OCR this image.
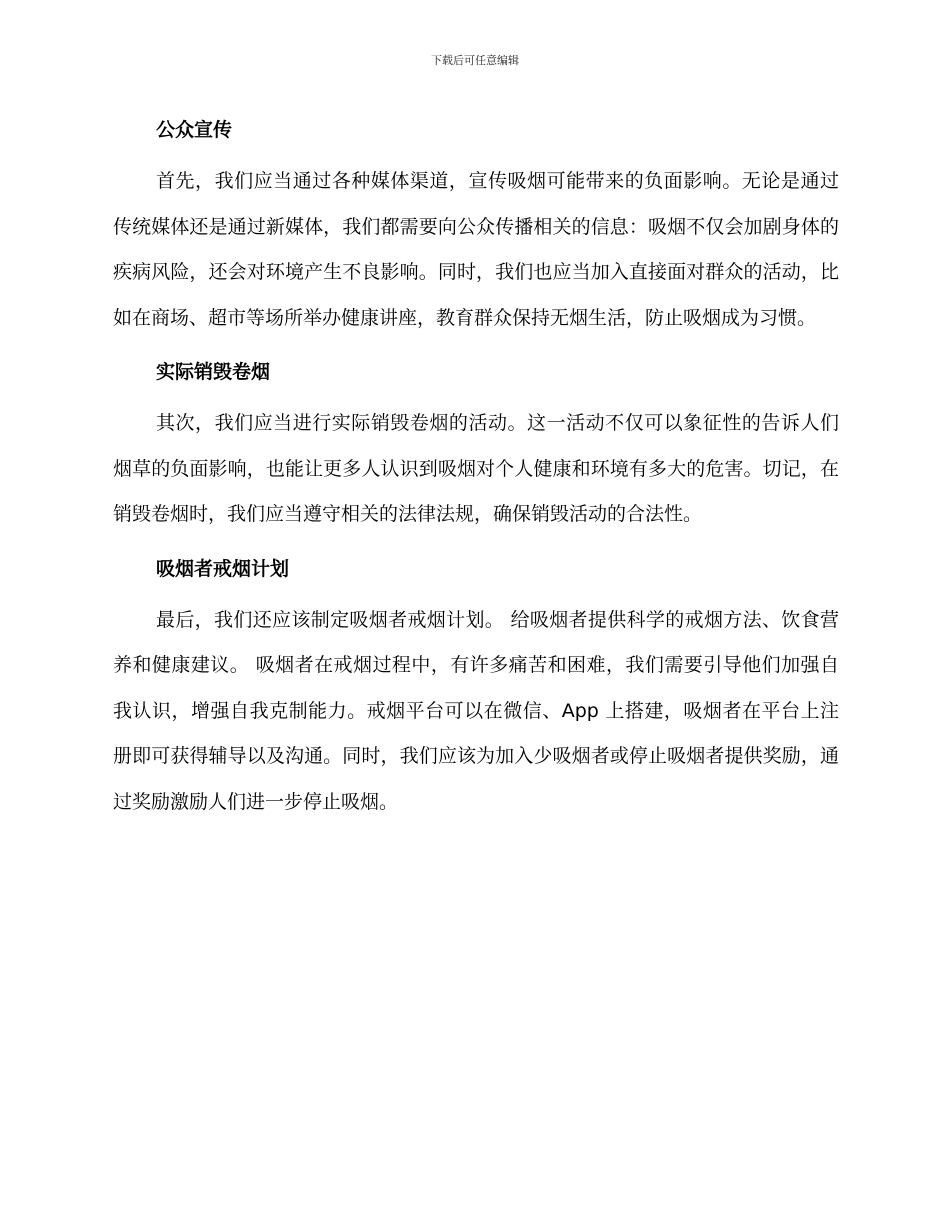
下载后可任意编辑
公众宣传

首先，我们应当通过各种媒体渠道，宣传吸烟可能带来的负面影响。无论是通过传统媒体还是通过新媒体，我们都需要向公众传播相关的信息：吸烟不仅会加剧身体的疾病风险，还会对环境产生不良影响。同时，我们也应当加入直接面对群众的活动，比如在商场、超市等场所举办健康讲座，教育群众保持无烟生活，防止吸烟成为习惯。

实际销毁卷烟

其次，我们应当进行实际销毁卷烟的活动。这一活动不仅可以象征性的告诉人们烟草的负面影响，也能让更多人认识到吸烟对个人健康和环境有多大的危害。切记，在销毁卷烟时，我们应当遵守相关的法律法规，确保销毁活动的合法性。

吸烟者戒烟计划

最后，我们还应该制定吸烟者戒烟计划。 给吸烟者提供科学的戒烟方法、饮食营养和健康建议。 吸烟者在戒烟过程中，有许多痛苦和困难，我们需要引导他们加强自我认识，增强自我克制能力。戒烟平台可以在微信、App 上搭建，吸烟者在平台上注册即可获得辅导以及沟通。同时，我们应该为加入少吸烟者或停止吸烟者提供奖励，通过奖励激励人们进一步停止吸烟。
